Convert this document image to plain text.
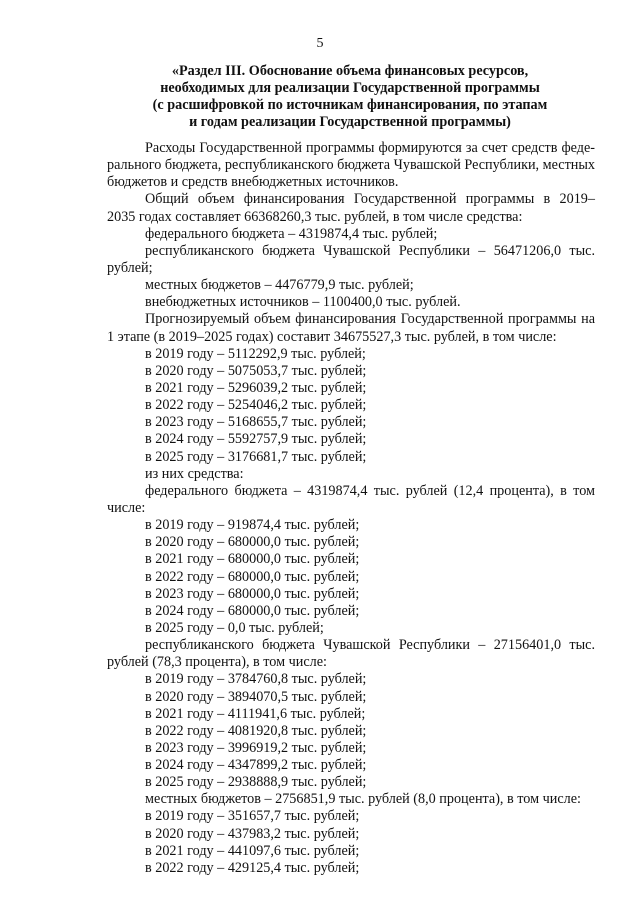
5
«Раздел III. Обоснование объема финансовых ресурсов,
необходимых для реализации Государственной программы
(с расшифровкой по источникам финансирования, по этапам
и годам реализации Государственной программы)
Расходы Государственной программы формируются за счет средств феде-
рального бюджета, республиканского бюджета Чувашской Республики, местных
бюджетов и средств внебюджетных источников.
Общий объем финансирования Государственной программы в 2019–
2035 годах составляет 66368260,3 тыс. рублей, в том числе средства:
федерального бюджета – 4319874,4 тыс. рублей;
республиканского бюджета Чувашской Республики – 56471206,0 тыс.
рублей;
местных бюджетов – 4476779,9 тыс. рублей;
внебюджетных источников – 1100400,0 тыс. рублей.
Прогнозируемый объем финансирования Государственной программы на
1 этапе (в 2019–2025 годах) составит 34675527,3 тыс. рублей, в том числе:
в 2019 году – 5112292,9 тыс. рублей;
в 2020 году – 5075053,7 тыс. рублей;
в 2021 году – 5296039,2 тыс. рублей;
в 2022 году – 5254046,2 тыс. рублей;
в 2023 году – 5168655,7 тыс. рублей;
в 2024 году – 5592757,9 тыс. рублей;
в 2025 году – 3176681,7 тыс. рублей;
из них средства:
федерального бюджета – 4319874,4 тыс. рублей (12,4 процента), в том
числе:
в 2019 году – 919874,4 тыс. рублей;
в 2020 году – 680000,0 тыс. рублей;
в 2021 году – 680000,0 тыс. рублей;
в 2022 году – 680000,0 тыс. рублей;
в 2023 году – 680000,0 тыс. рублей;
в 2024 году – 680000,0 тыс. рублей;
в 2025 году – 0,0 тыс. рублей;
республиканского бюджета Чувашской Республики – 27156401,0 тыс.
рублей (78,3 процента), в том числе:
в 2019 году – 3784760,8 тыс. рублей;
в 2020 году – 3894070,5 тыс. рублей;
в 2021 году – 4111941,6 тыс. рублей;
в 2022 году – 4081920,8 тыс. рублей;
в 2023 году – 3996919,2 тыс. рублей;
в 2024 году – 4347899,2 тыс. рублей;
в 2025 году – 2938888,9 тыс. рублей;
местных бюджетов – 2756851,9 тыс. рублей (8,0 процента), в том числе:
в 2019 году – 351657,7 тыс. рублей;
в 2020 году – 437983,2 тыс. рублей;
в 2021 году – 441097,6 тыс. рублей;
в 2022 году – 429125,4 тыс. рублей;
